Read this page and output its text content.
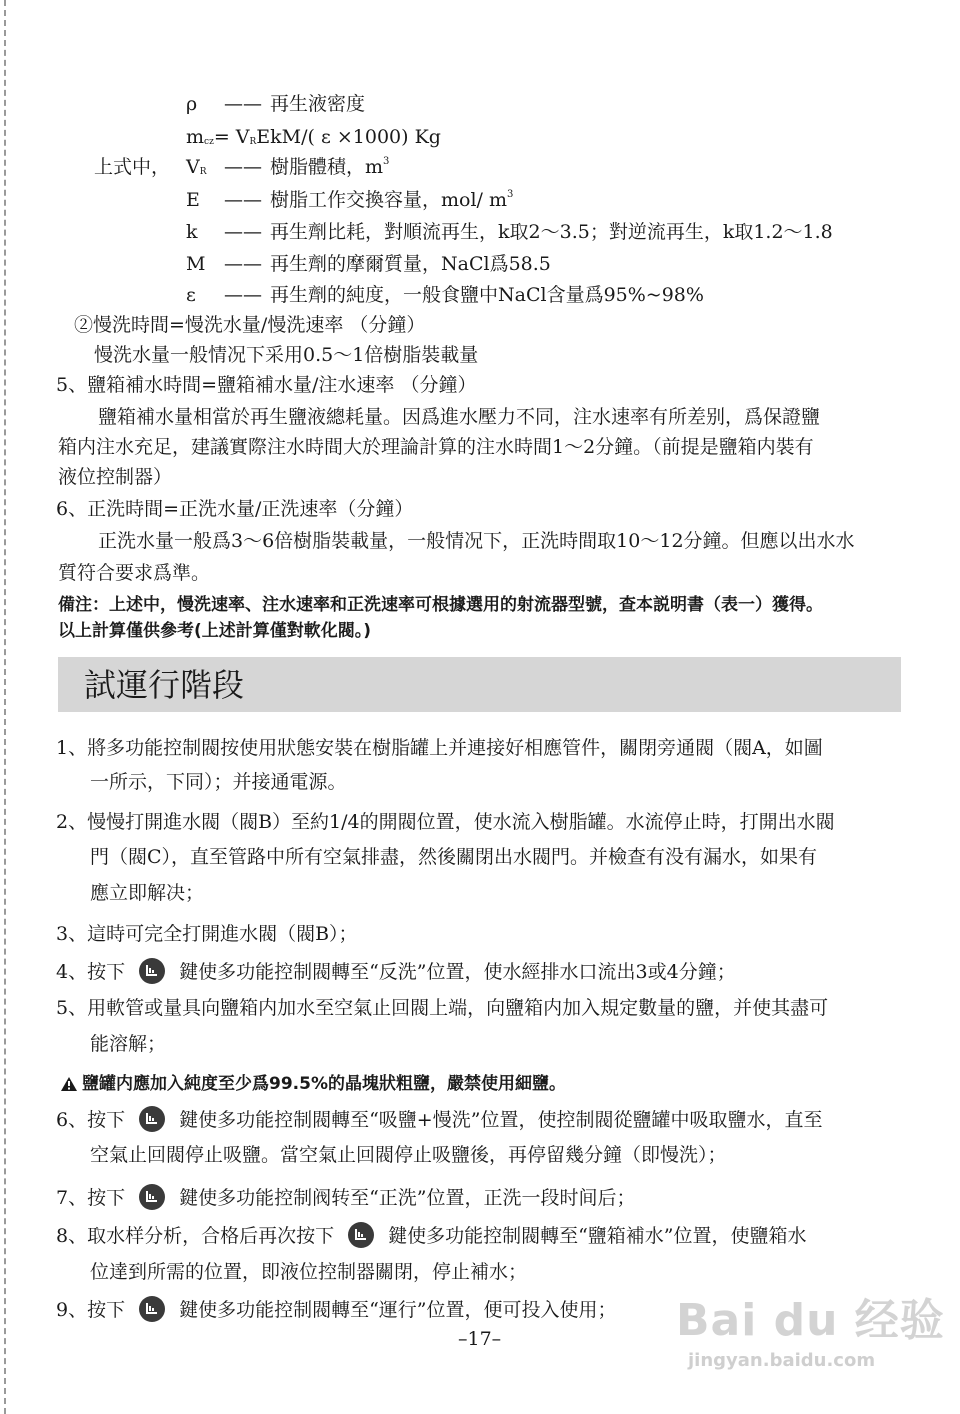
ρ —— 再生液密度
$m_{cz}= V_REkM/$( ε ×1000) Kg
上式中， $V_R$ —— 樹脂體積，$m^3$
E —— 樹脂工作交換容量，mol/ $m^3$
k —— 再生劑比耗，對順流再生，k取2～3.5；對逆流再生，k取1.2～1.8
M —— 再生劑的摩爾質量，NaCl爲58.5
ε —— 再生劑的純度，一般食鹽中NaCl含量爲95%~98%
②慢洗時間=慢洗水量/慢洗速率 （分鐘）
慢洗水量一般情况下采用0.5～1倍樹脂裝載量
5、鹽箱補水時間=鹽箱補水量/注水速率 （分鐘）
鹽箱補水量相當於再生鹽液總耗量。因爲進水壓力不同，注水速率有所差别，爲保證鹽
箱内注水充足，建議實際注水時間大於理論計算的注水時間1～2分鐘。（前提是鹽箱内裝有
液位控制器）
6、正洗時間=正洗水量/正洗速率（分鐘）
正洗水量一般爲3～6倍樹脂裝載量，一般情况下，正洗時間取10～12分鐘。但應以出水水
質符合要求爲準。
備注：上述中，慢洗速率、注水速率和正洗速率可根據選用的射流器型號，查本説明書（表一）獲得。
以上計算僅供參考(上述計算僅對軟化閥。)
試運行階段
1、將多功能控制閥按使用狀態安裝在樹脂罐上并連接好相應管件，關閉旁通閥（閥A，如圖
一所示，下同）；并接通電源。
2、慢慢打開進水閥（閥B）至約1/4的開閥位置，使水流入樹脂罐。水流停止時，打開出水閥
門（閥C），直至管路中所有空氣排盡，然後關閉出水閥門。并檢查有没有漏水，如果有
應立即解决；
3、這時可完全打開進水閥（閥B）；
4、按下	鍵使多功能控制閥轉至“反洗”位置，使水經排水口流出3或4分鐘；
5、用軟管或量具向鹽箱内加水至空氣止回閥上端，向鹽箱内加入規定數量的鹽，并使其盡可
能溶解；
鹽罐内應加入純度至少爲99.5%的晶塊狀粗鹽，嚴禁使用細鹽。
6、按下	鍵使多功能控制閥轉至“吸鹽+慢洗”位置，使控制閥從鹽罐中吸取鹽水，直至
空氣止回閥停止吸鹽。當空氣止回閥停止吸鹽後，再停留幾分鐘（即慢洗）；
7、按下	鍵使多功能控制阀转至“正洗”位置，正洗一段时间后；
8、取水样分析，合格后再次按下	鍵使多功能控制閥轉至“鹽箱補水”位置，使鹽箱水
位達到所需的位置，即液位控制器關閉，停止補水；
9、按下	鍵使多功能控制閥轉至“運行”位置，便可投入使用；
–17–	Bai du 经验
jingyan.baidu.com
